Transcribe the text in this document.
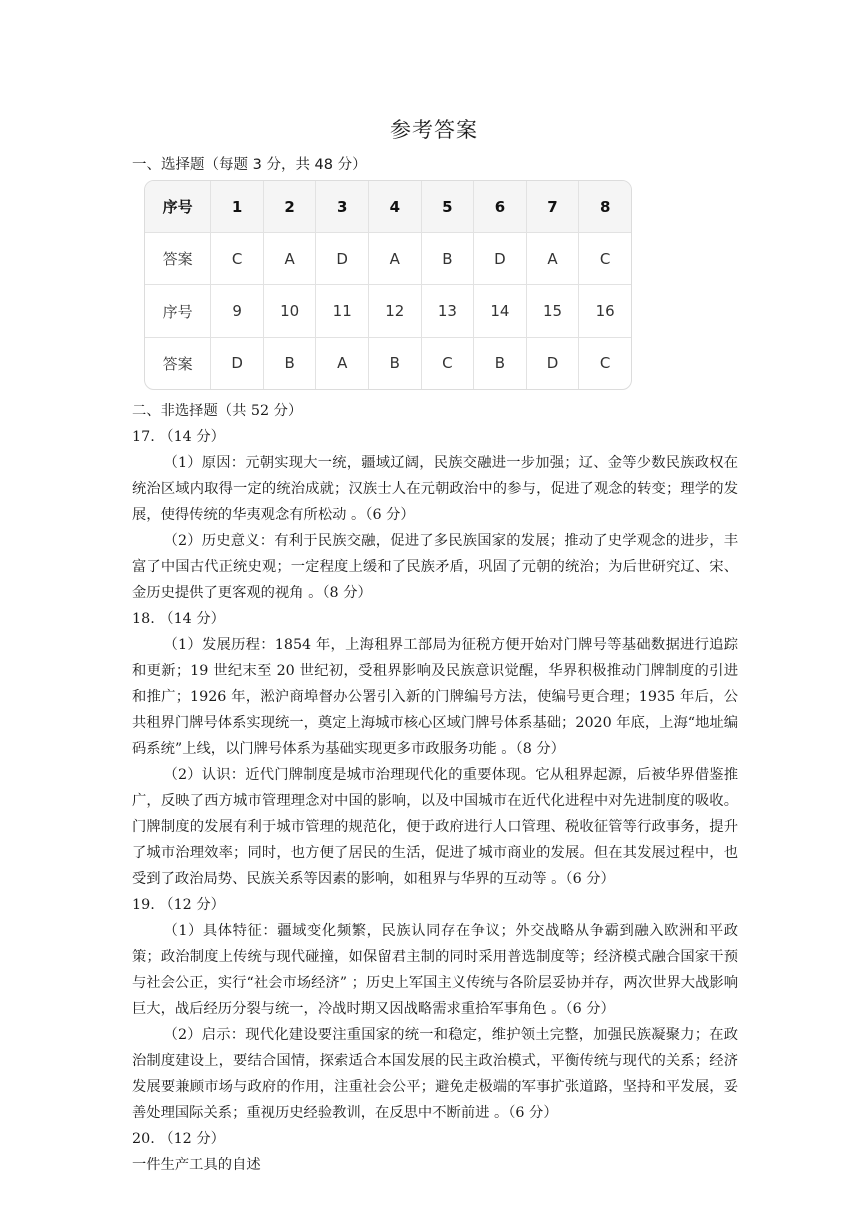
参考答案
一、选择题（每题 3 分，共 48 分）
序号	1	2	3	4	5	6	7	8
答案	C	A	D	A	B	D	A	C
序号	9	10	11	12	13	14	15	16
答案	D	B	A	B	C	B	D	C

二、非选择题（共 52 分）

17. （14 分）

（1）原因：元朝实现大一统，疆域辽阔，民族交融进一步加强；辽、金等少数民族政权在统治区域内取得一定的统治成就；汉族士人在元朝政治中的参与，促进了观念的转变；理学的发展，使得传统的华夷观念有所松动 。（6 分）

（2）历史意义：有利于民族交融，促进了多民族国家的发展；推动了史学观念的进步，丰富了中国古代正统史观；一定程度上缓和了民族矛盾，巩固了元朝的统治；为后世研究辽、宋、金历史提供了更客观的视角 。（8 分）

18. （14 分）

（1）发展历程：1854 年，上海租界工部局为征税方便开始对门牌号等基础数据进行追踪和更新；19 世纪末至 20 世纪初，受租界影响及民族意识觉醒，华界积极推动门牌制度的引进和推广；1926 年，淞沪商埠督办公署引入新的门牌编号方法，使编号更合理；1935 年后，公共租界门牌号体系实现统一，奠定上海城市核心区域门牌号体系基础；2020 年底，上海“地址编码系统”上线，以门牌号体系为基础实现更多市政服务功能 。（8 分）

（2）认识：近代门牌制度是城市治理现代化的重要体现。它从租界起源，后被华界借鉴推广，反映了西方城市管理理念对中国的影响，以及中国城市在近代化进程中对先进制度的吸收。门牌制度的发展有利于城市管理的规范化，便于政府进行人口管理、税收征管等行政事务，提升了城市治理效率；同时，也方便了居民的生活，促进了城市商业的发展。但在其发展过程中，也受到了政治局势、民族关系等因素的影响，如租界与华界的互动等 。（6 分）

19. （12 分）

（1）具体特征：疆域变化频繁，民族认同存在争议；外交战略从争霸到融入欧洲和平政策；政治制度上传统与现代碰撞，如保留君主制的同时采用普选制度等；经济模式融合国家干预与社会公正，实行“社会市场经济” ；历史上军国主义传统与各阶层妥协并存，两次世界大战影响巨大，战后经历分裂与统一，冷战时期又因战略需求重拾军事角色 。（6 分）

（2）启示：现代化建设要注重国家的统一和稳定，维护领土完整，加强民族凝聚力；在政治制度建设上，要结合国情，探索适合本国发展的民主政治模式，平衡传统与现代的关系；经济发展要兼顾市场与政府的作用，注重社会公平；避免走极端的军事扩张道路，坚持和平发展，妥善处理国际关系；重视历史经验教训，在反思中不断前进 。（6 分）

20. （12 分）

一件生产工具的自述
